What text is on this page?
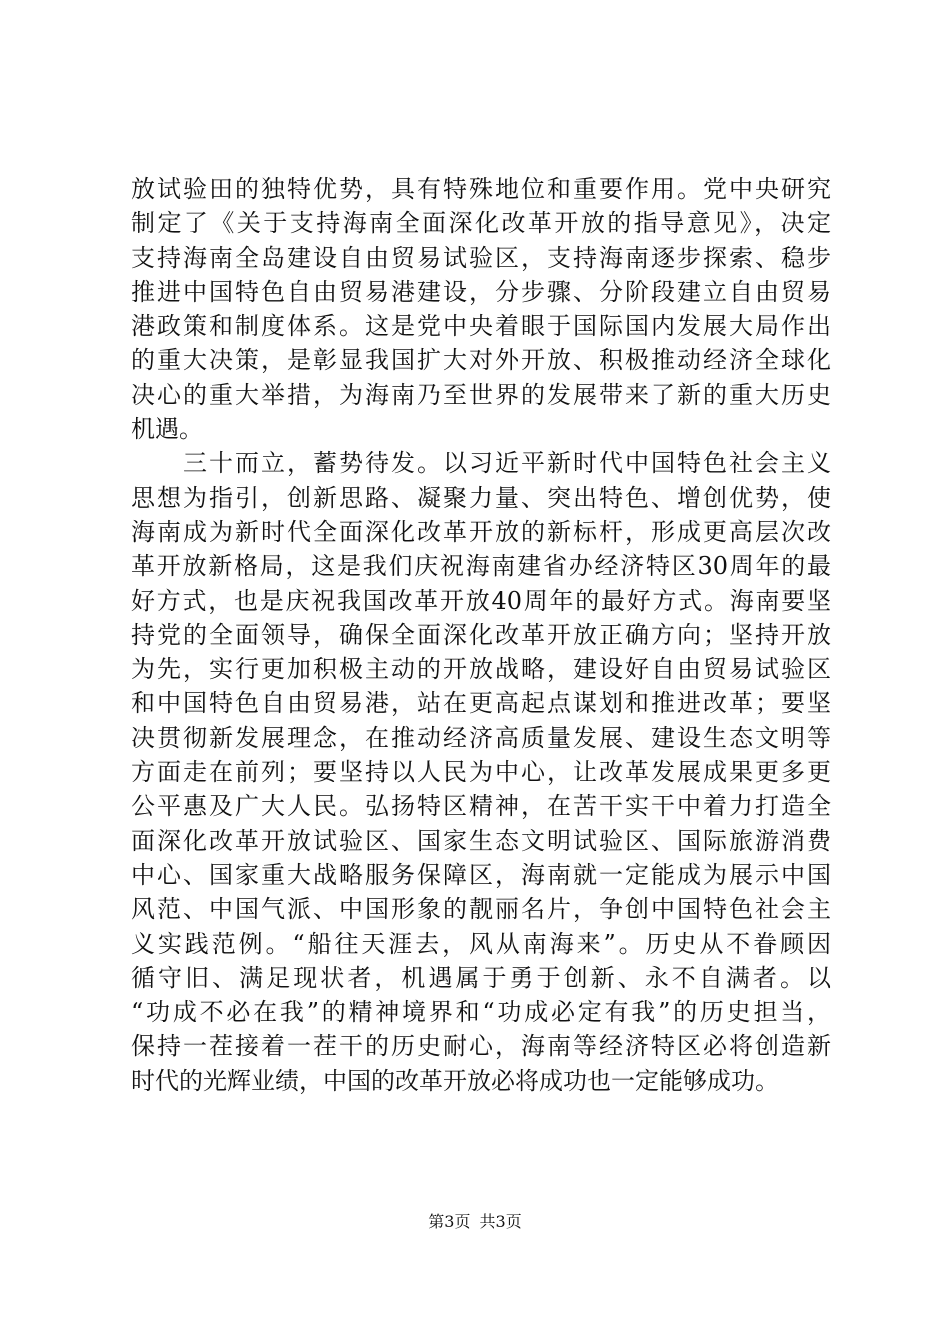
放试验田的独特优势，具有特殊地位和重要作用。党中央研究
制定了《关于支持海南全面深化改革开放的指导意见》，决定
支持海南全岛建设自由贸易试验区，支持海南逐步探索、稳步
推进中国特色自由贸易港建设，分步骤、分阶段建立自由贸易
港政策和制度体系。这是党中央着眼于国际国内发展大局作出
的重大决策，是彰显我国扩大对外开放、积极推动经济全球化
决心的重大举措，为海南乃至世界的发展带来了新的重大历史
机遇。
　　三十而立，蓄势待发。以习近平新时代中国特色社会主义
思想为指引，创新思路、凝聚力量、突出特色、增创优势，使
海南成为新时代全面深化改革开放的新标杆，形成更高层次改
革开放新格局，这是我们庆祝海南建省办经济特区30周年的最
好方式，也是庆祝我国改革开放40周年的最好方式。海南要坚
持党的全面领导，确保全面深化改革开放正确方向；坚持开放
为先，实行更加积极主动的开放战略，建设好自由贸易试验区
和中国特色自由贸易港，站在更高起点谋划和推进改革；要坚
决贯彻新发展理念，在推动经济高质量发展、建设生态文明等
方面走在前列；要坚持以人民为中心，让改革发展成果更多更
公平惠及广大人民。弘扬特区精神，在苦干实干中着力打造全
面深化改革开放试验区、国家生态文明试验区、国际旅游消费
中心、国家重大战略服务保障区，海南就一定能成为展示中国
风范、中国气派、中国形象的靓丽名片，争创中国特色社会主
义实践范例。“船往天涯去，风从南海来”。历史从不眷顾因
循守旧、满足现状者，机遇属于勇于创新、永不自满者。以
“功成不必在我”的精神境界和“功成必定有我”的历史担当，
保持一茬接着一茬干的历史耐心，海南等经济特区必将创造新
时代的光辉业绩，中国的改革开放必将成功也一定能够成功。
第3页 共3页
